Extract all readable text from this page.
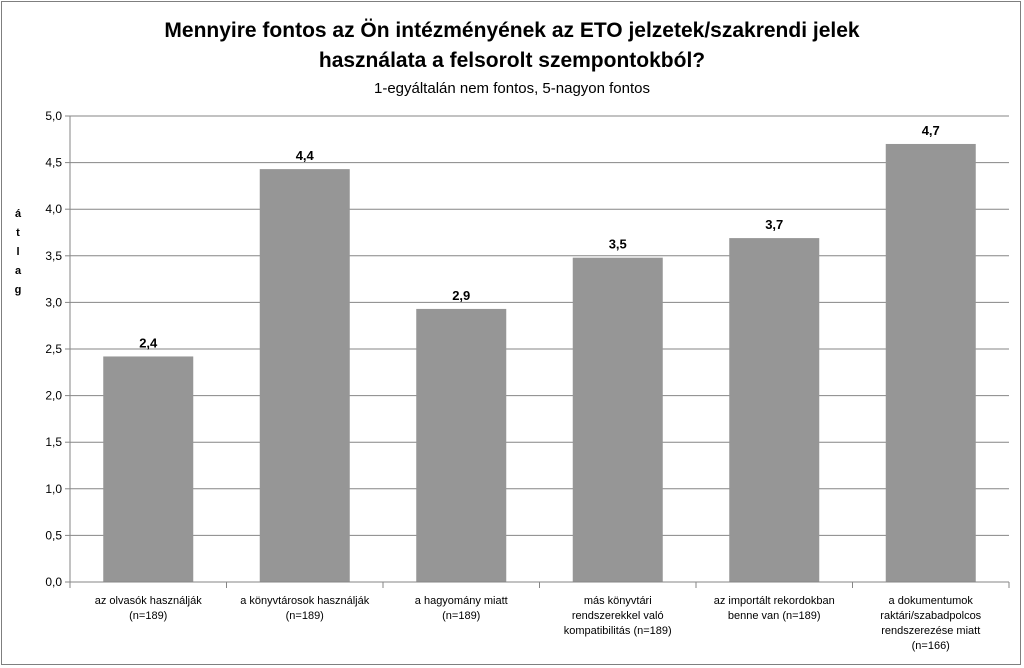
Mennyire fontos az Ön intézményének az ETO jelzetek/szakrendi jelek
használata a felsorolt szempontokból?
1-egyáltalán nem fontos, 5-nagyon fontos
0,0
0,5
1,0
1,5
2,0
2,5
3,0
3,5
4,0
4,5
5,0
á t l a g
2,4
4,4
2,9
3,5
3,7
4,7
az olvasók használják (n=189)
a könyvtárosok használják (n=189)
a hagyomány miatt (n=189)
más könyvtári rendszerekkel való kompatibilitás (n=189)
az importált rekordokban benne van (n=189)
a dokumentumok raktári/szabadpolcos rendszerezése miatt (n=166)
